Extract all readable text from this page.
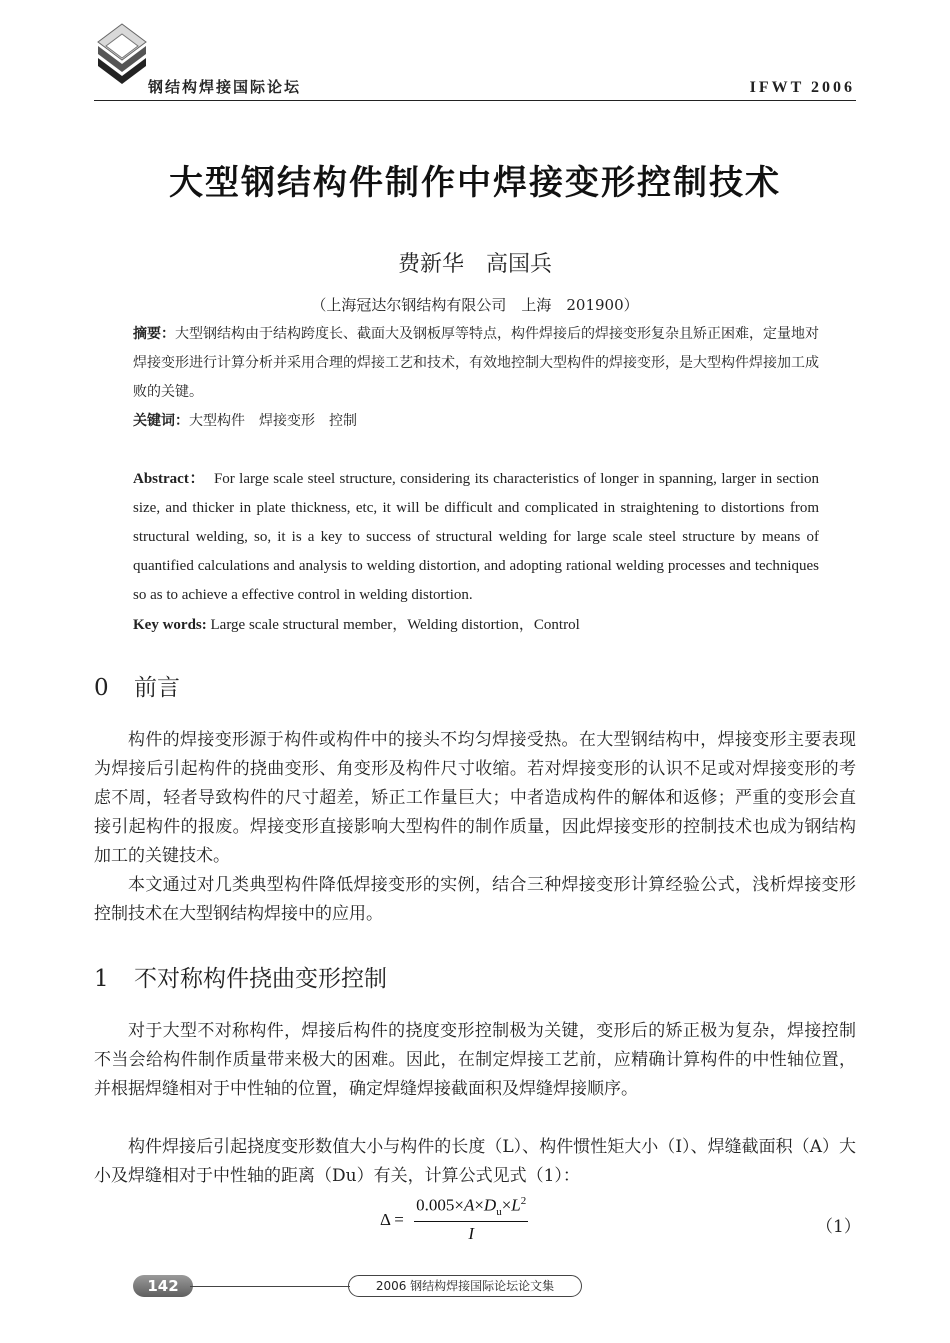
钢结构焊接国际论坛	IFWT 2006
大型钢结构件制作中焊接变形控制技术
费新华　高国兵
（上海冠达尔钢结构有限公司　上海　201900）
摘要：大型钢结构由于结构跨度长、截面大及钢板厚等特点，构件焊接后的焊接变形复杂且矫正困难，定量地对焊接变形进行计算分析并采用合理的焊接工艺和技术，有效地控制大型构件的焊接变形，是大型构件焊接加工成败的关键。
关键词：大型构件　焊接变形　控制
Abstract： For large scale steel structure, considering its characteristics of longer in spanning, larger in section size, and thicker in plate thickness, etc, it will be difficult and complicated in straightening to distortions from structural welding, so, it is a key to success of structural welding for large scale steel structure by means of quantified calculations and analysis to welding distortion, and adopting rational welding processes and techniques so as to achieve a effective control in welding distortion.
Key words: Large scale structural member，Welding distortion，Control
0 前言
构件的焊接变形源于构件或构件中的接头不均匀焊接受热。在大型钢结构中，焊接变形主要表现为焊接后引起构件的挠曲变形、角变形及构件尺寸收缩。若对焊接变形的认识不足或对焊接变形的考虑不周，轻者导致构件的尺寸超差，矫正工作量巨大；中者造成构件的解体和返修；严重的变形会直接引起构件的报废。焊接变形直接影响大型构件的制作质量，因此焊接变形的控制技术也成为钢结构加工的关键技术。
本文通过对几类典型构件降低焊接变形的实例，结合三种焊接变形计算经验公式，浅析焊接变形控制技术在大型钢结构焊接中的应用。
1 不对称构件挠曲变形控制
对于大型不对称构件，焊接后构件的挠度变形控制极为关键，变形后的矫正极为复杂，焊接控制不当会给构件制作质量带来极大的困难。因此，在制定焊接工艺前，应精确计算构件的中性轴位置，并根据焊缝相对于中性轴的位置，确定焊缝焊接截面积及焊缝焊接顺序。
构件焊接后引起挠度变形数值大小与构件的长度（L）、构件惯性矩大小（I）、焊缝截面积（A）大小及焊缝相对于中性轴的距离（Du）有关，计算公式见式（1）：
$\Delta = \frac{0.005\times A\times D_u\times L^2}{I}$	（1）
142	2006 钢结构焊接国际论坛论文集
